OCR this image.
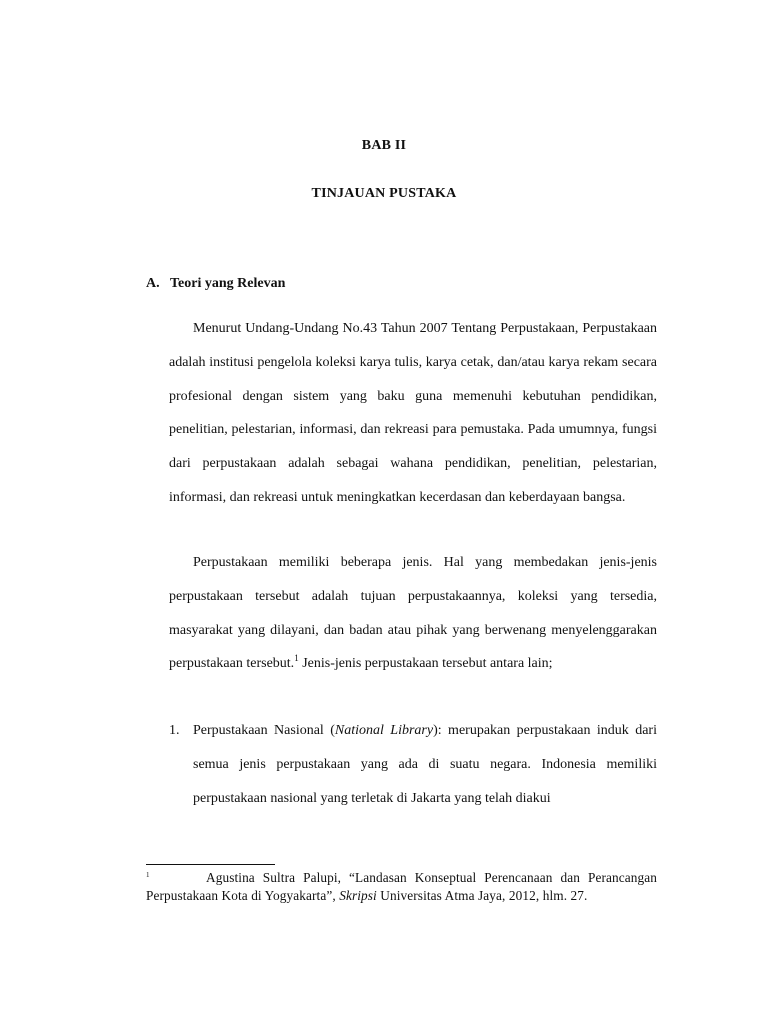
BAB II
TINJAUAN PUSTAKA
A. Teori yang Relevan

Menurut Undang-Undang No.43 Tahun 2007 Tentang Perpustakaan, Perpustakaan adalah institusi pengelola koleksi karya tulis, karya cetak, dan/atau karya rekam secara profesional dengan sistem yang baku guna memenuhi kebutuhan pendidikan, penelitian, pelestarian, informasi, dan rekreasi para pemustaka. Pada umumnya, fungsi dari perpustakaan adalah sebagai wahana pendidikan, penelitian, pelestarian, informasi, dan rekreasi untuk meningkatkan kecerdasan dan keberdayaan bangsa.

Perpustakaan memiliki beberapa jenis. Hal yang membedakan jenis-jenis perpustakaan tersebut adalah tujuan perpustakaannya, koleksi yang tersedia, masyarakat yang dilayani, dan badan atau pihak yang berwenang menyelenggarakan perpustakaan tersebut.$^1$ Jenis-jenis perpustakaan tersebut antara lain;

1. Perpustakaan Nasional (National Library): merupakan perpustakaan induk dari semua jenis perpustakaan yang ada di suatu negara. Indonesia memiliki perpustakaan nasional yang terletak di Jakarta yang telah diakui

1	Agustina Sultra Palupi, “Landasan Konseptual Perencanaan dan Perancangan Perpustakaan Kota di Yogyakarta”, Skripsi Universitas Atma Jaya, 2012, hlm. 27.
